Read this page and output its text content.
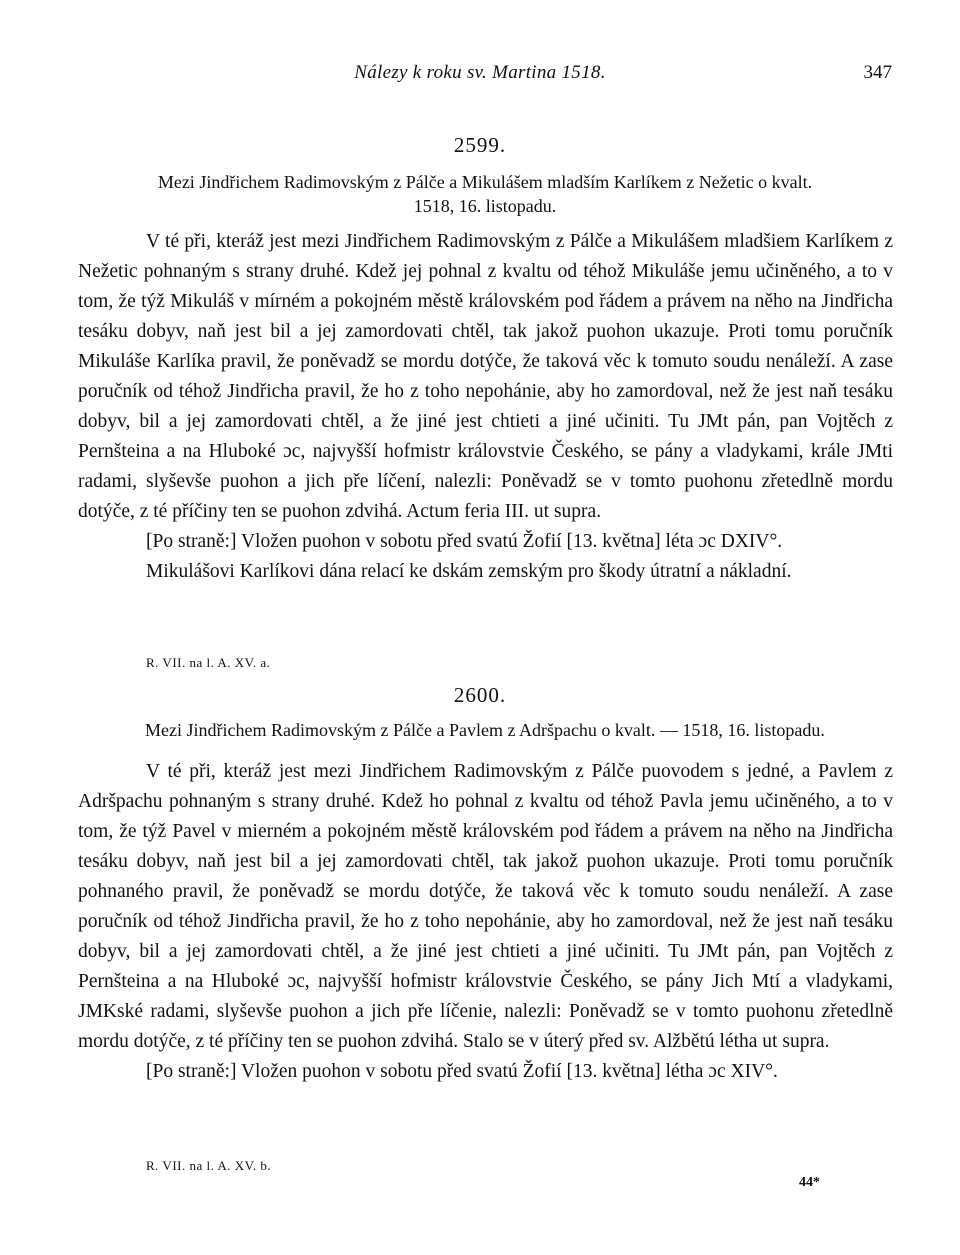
Nálezy k roku sv. Martina 1518.	347
2599.
Mezi Jindřichem Radimovským z Pálče a Mikulášem mladším Karlíkem z Nežetic o kvalt.
1518, 16. listopadu.

V té při, kteráž jest mezi Jindřichem Radimovským z Pálče a Mikulášem mladšiem Karlíkem z Nežetic pohnaným s strany druhé. Kdež jej pohnal z kvaltu od téhož Mikuláše jemu učiněného, a to v tom, že týž Mikuláš v mírném a pokojném městě královském pod řádem a právem na něho na Jindřicha tesáku dobyv, naň jest bil a jej zamordovati chtěl, tak jakož puohon ukazuje. Proti tomu poručník Mikuláše Karlíka pravil, že poněvadž se mordu dotýče, že taková věc k tomuto soudu nenáleží. A zase poručník od téhož Jindřicha pravil, že ho z toho nepohánie, aby ho zamordoval, než že jest naň tesáku dobyv, bil a jej zamordovati chtěl, a že jiné jest chtieti a jiné učiniti. Tu JMt pán, pan Vojtěch z Pernšteina a na Hluboké ɔc, najvyšší hofmistr královstvie Českého, se pány a vladykami, krále JMti radami, slyševše puohon a jich pře líčení, nalezli: Poněvadž se v tomto puohonu zřetedlně mordu dotýče, z té příčiny ten se puohon zdvihá. Actum feria III. ut supra.

[Po straně:] Vložen puohon v sobotu před svatú Žofií [13. května] léta ɔc DXIV°.

Mikulášovi Karlíkovi dána relací ke dskám zemským pro škody útratní a nákladní.

R. VII. na l. A. XV. a.
2600.
Mezi Jindřichem Radimovským z Pálče a Pavlem z Adršpachu o kvalt. — 1518, 16. listopadu.

V té při, kteráž jest mezi Jindřichem Radimovským z Pálče puovodem s jedné, a Pavlem z Adršpachu pohnaným s strany druhé. Kdež ho pohnal z kvaltu od téhož Pavla jemu učiněného, a to v tom, že týž Pavel v mierném a pokojném městě královském pod řádem a právem na něho na Jindřicha tesáku dobyv, naň jest bil a jej zamordovati chtěl, tak jakož puohon ukazuje. Proti tomu poručník pohnaného pravil, že poněvadž se mordu dotýče, že taková věc k tomuto soudu nenáleží. A zase poručník od téhož Jindřicha pravil, že ho z toho nepohánie, aby ho zamordoval, než že jest naň tesáku dobyv, bil a jej zamordovati chtěl, a že jiné jest chtieti a jiné učiniti. Tu JMt pán, pan Vojtěch z Pernšteina a na Hluboké ɔc, najvyšší hofmistr královstvie Českého, se pány Jich Mtí a vladykami, JMKské radami, slyševše puohon a jich pře líčenie, nalezli: Poněvadž se v tomto puohonu zřetedlně mordu dotýče, z té příčiny ten se puohon zdvihá. Stalo se v úterý před sv. Alžbětú létha ut supra.

[Po straně:] Vložen puohon v sobotu před svatú Žofií [13. května] létha ɔc XIV°.

R. VII. na l. A. XV. b.
44*
